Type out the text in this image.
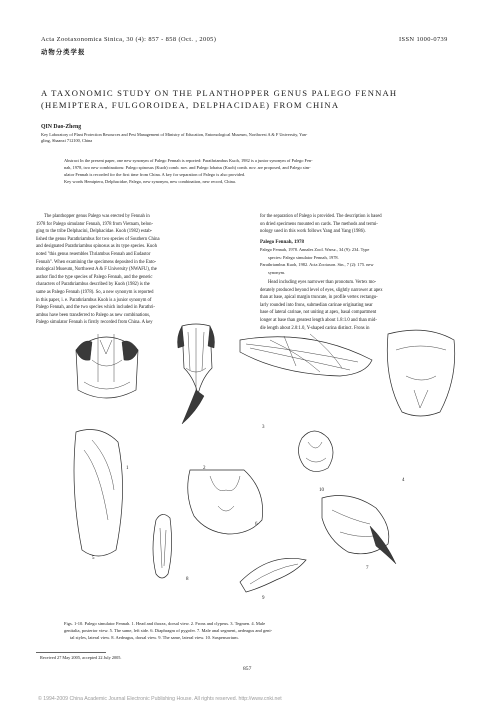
Acta Zootaxonomica Sinica, 30 (4): 857 - 858 (Oct. , 2005)	ISSN 1000-0739
动物分类学报
A TAXONOMIC STUDY ON THE PLANTHOPPER GENUS PALEGO FENNAH
(HEMIPTERA, FULGOROIDEA, DELPHACIDAE) FROM CHINA
QIN Dao-Zheng
Key Laboratory of Plant Protection Resources and Pest Management of Ministry of Education, Entomological Museum, Northwest A & F University, Yan-
gling, Shaanxi 712100, China
Abstract In the present paper, one new synonym of Palego Fennah is reported: Parathriambus Kuoh, 1982 is a junior synonym of Palego Fen-
nah, 1978, two new combinations: Palego spinosus (Kuoh) comb. nov. and Palego lobatus (Kuoh) comb. nov. are proposed, and Palego sim-
ulator Fennah is recorded for the first time from China. A key for separation of Palego is also provided.
Key words Hemiptera, Delphacidae, Palego, new synonym, new combination, new record, China.
The planthopper genus Palego was erected by Fennah in
1978 for Palego simulator Fennah, 1978 from Vietnam, belon-
ging to the tribe Delphacini, Delphacidae. Kuoh (1982) estab-
lished the genus Parathriambus for two species of Southern China
and designated Parathriambus spinosus as its type species. Kuoh
noted "this genus resembles Thriambus Fennah and Eudastor
Fennah". When examining the specimens deposited in the Ento-
mological Museum, Northwest A & F University (NWAFU), the
author find the type species of Palego Fennah, and the generic
characters of Parathriambus described by Kuoh (1982) is the
same as Palego Fennah (1978). So, a new synonym is reported
in this paper, i. e. Parathriambus Kuoh is a junior synonym of
Palego Fennah, and the two species which included in Parathri-
ambus have been transferred to Palego as new combinations,
Palego simulator Fennah is firstly recorded from China. A key
for the separation of Palego is provided. The description is based
on dried specimens mounted on cards. The methods and termi-
nology used in this work follows Yang and Yang (1986).
Palego Fennah, 1978
Palego Fennah, 1978. Annales Zool. Warsz., 34 (9): 234. Type
species: Palego simulator Fennah, 1978.
Parathriambus Kuoh, 1982. Acta Zootaxon. Sin., 7 (2): 175. new
synonym.
Head including eyes narrower than pronotum. Vertex mo-
derately produced beyond level of eyes, slightly narrower at apex
than at base, apical margin truncate, in profile vertex rectangu-
larly rounded into frons, submedian carinae originating near
base of lateral carinae, not uniting at apex, basal compartment
longer at base than greatest length about 1.8:1.0 and than mid-
dle length about 2.0:1.0, Y-shaped carina distinct. Frons in
1	2
3
4
5
6
7
8
9
10
Figs. 1-10. Palego simulator Fennah. 1. Head and thorax, dorsal view. 2. Frons and clypeus. 3. Tegmen. 4. Male
genitalia, posterior view. 5. The same, left side. 6. Diaphragm of pygofer. 7. Male anal segment, aedeagus and geni-
tal styles, lateral view. 8. Aedeagus, dorsal view. 9. The same, lateral view. 10. Suspensorium.
Received 27 May 2005, accepted 22 July 2005.
857
© 1994-2009 China Academic Journal Electronic Publishing House. All rights reserved. http://www.cnki.net
